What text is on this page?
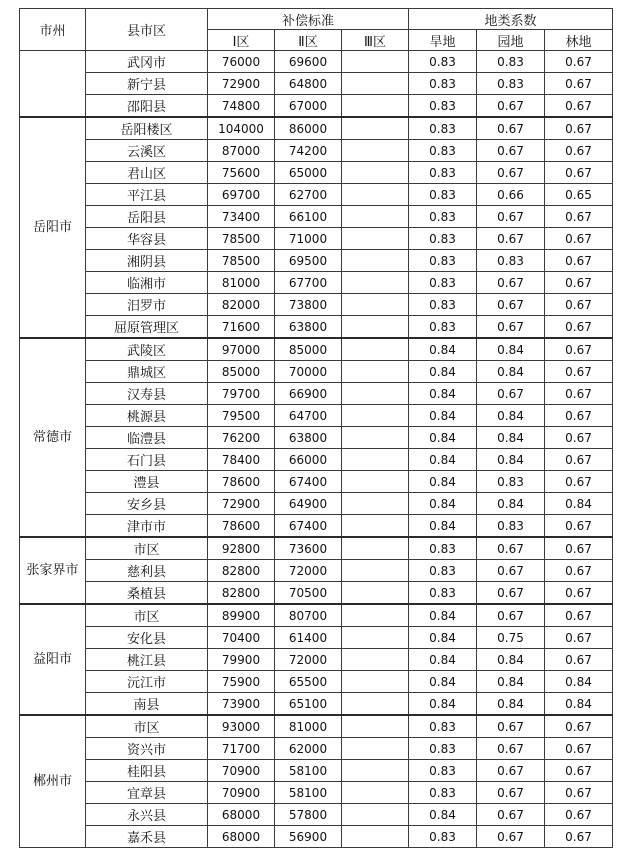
市州	县市区	补偿标准			地类系数		
		Ⅰ区	Ⅱ区	Ⅲ区	旱地	园地	林地
	武冈市	76000	69600		0.83	0.83	0.67
	新宁县	72900	64800		0.83	0.83	0.67
	邵阳县	74800	67000		0.83	0.67	0.67
岳阳市	岳阳楼区	104000	86000		0.83	0.67	0.67
	云溪区	87000	74200		0.83	0.67	0.67
	君山区	75600	65000		0.83	0.67	0.67
	平江县	69700	62700		0.83	0.66	0.65
	岳阳县	73400	66100		0.83	0.67	0.67
	华容县	78500	71000		0.83	0.67	0.67
	湘阴县	78500	69500		0.83	0.83	0.67
	临湘市	81000	67700		0.83	0.67	0.67
	汨罗市	82000	73800		0.83	0.67	0.67
	屈原管理区	71600	63800		0.83	0.67	0.67
常德市	武陵区	97000	85000		0.84	0.84	0.67
	鼎城区	85000	70000		0.84	0.84	0.67
	汉寿县	79700	66900		0.84	0.67	0.67
	桃源县	79500	64700		0.84	0.84	0.67
	临澧县	76200	63800		0.84	0.84	0.67
	石门县	78400	66000		0.84	0.84	0.67
	澧县	78600	67400		0.84	0.83	0.67
	安乡县	72900	64900		0.84	0.84	0.84
	津市市	78600	67400		0.84	0.83	0.67
张家界市	市区	92800	73600		0.83	0.67	0.67
	慈利县	82800	72000		0.83	0.67	0.67
	桑植县	82800	70500		0.83	0.67	0.67
益阳市	市区	89900	80700		0.84	0.67	0.67
	安化县	70400	61400		0.84	0.75	0.67
	桃江县	79900	72000		0.84	0.84	0.67
	沅江市	75900	65500		0.84	0.84	0.84
	南县	73900	65100		0.84	0.84	0.84
郴州市	市区	93000	81000		0.83	0.67	0.67
	资兴市	71700	62000		0.83	0.67	0.67
	桂阳县	70900	58100		0.83	0.67	0.67
	宜章县	70900	58100		0.83	0.67	0.67
	永兴县	68000	57800		0.84	0.67	0.67
	嘉禾县	68000	56900		0.83	0.67	0.67
